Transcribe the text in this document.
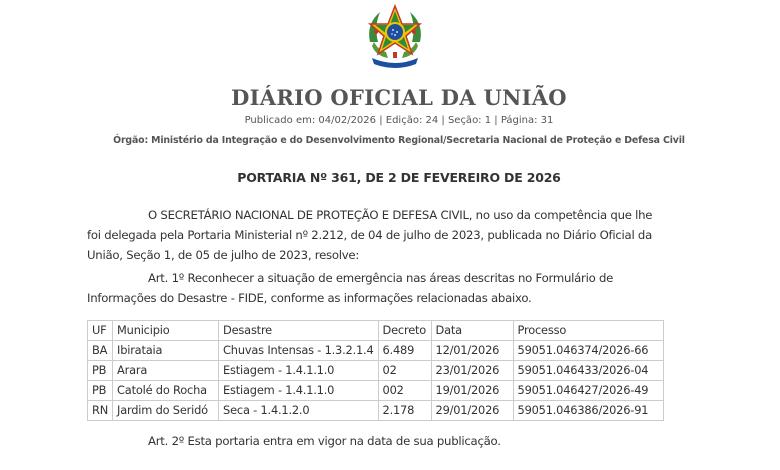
DIÁRIO OFICIAL DA UNIÃO
Publicado em: 04/02/2026 | Edição: 24 | Seção: 1 | Página: 31
Órgão: Ministério da Integração e do Desenvolvimento Regional/Secretaria Nacional de Proteção e Defesa Civil
PORTARIA Nº 361, DE 2 DE FEVEREIRO DE 2026

O SECRETÁRIO NACIONAL DE PROTEÇÃO E DEFESA CIVIL, no uso da competência que lhe foi delegada pela Portaria Ministerial nº 2.212, de 04 de julho de 2023, publicada no Diário Oficial da União, Seção 1, de 05 de julho de 2023, resolve:

Art. 1º Reconhecer a situação de emergência nas áreas descritas no Formulário de Informações do Desastre - FIDE, conforme as informações relacionadas abaixo.

UF	Municipio	Desastre	Decreto	Data	Processo
BA	Ibirataia	Chuvas Intensas - 1.3.2.1.4	6.489	12/01/2026	59051.046374/2026-66
PB	Arara	Estiagem - 1.4.1.1.0	02	23/01/2026	59051.046433/2026-04
PB	Catolé do Rocha	Estiagem - 1.4.1.1.0	002	19/01/2026	59051.046427/2026-49
RN	Jardim do Seridó	Seca - 1.4.1.2.0	2.178	29/01/2026	59051.046386/2026-91

Art. 2º Esta portaria entra em vigor na data de sua publicação.
